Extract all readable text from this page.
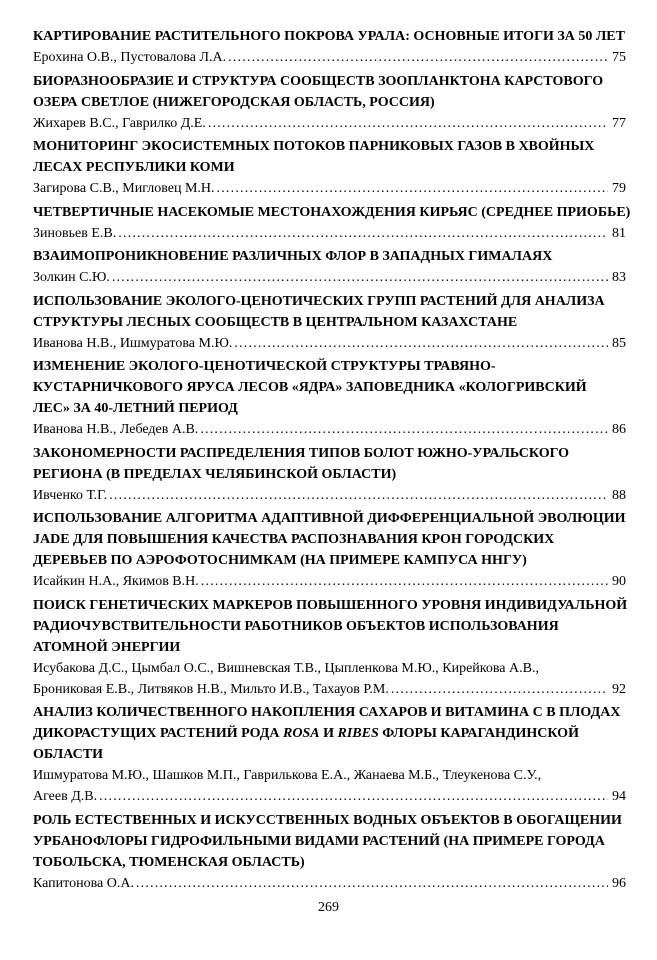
КАРТИРОВАНИЕ РАСТИТЕЛЬНОГО ПОКРОВА УРАЛА: ОСНОВНЫЕ ИТОГИ ЗА 50 ЛЕТ
Ерохина О.В., Пустовалова Л.А. .....	75
БИОРАЗНООБРАЗИЕ И СТРУКТУРА СООБЩЕСТВ ЗООПЛАНКТОНА КАРСТОВОГО
ОЗЕРА СВЕТЛОЕ (НИЖЕГОРОДСКАЯ ОБЛАСТЬ, РОССИЯ)
Жихарев В.С., Гаврилко Д.Е. .....	77
МОНИТОРИНГ ЭКОСИСТЕМНЫХ ПОТОКОВ ПАРНИКОВЫХ ГАЗОВ В ХВОЙНЫХ
ЛЕСАХ РЕСПУБЛИКИ КОМИ
Загирова С.В., Мигловец М.Н. .....	79
ЧЕТВЕРТИЧНЫЕ НАСЕКОМЫЕ МЕСТОНАХОЖДЕНИЯ КИРЬЯС (СРЕДНЕЕ ПРИОБЬЕ)
Зиновьев Е.В. .....	81
ВЗАИМОПРОНИКНОВЕНИЕ РАЗЛИЧНЫХ ФЛОР В ЗАПАДНЫХ ГИМАЛАЯХ
Золкин С.Ю. .....	83
ИСПОЛЬЗОВАНИЕ ЭКОЛОГО-ЦЕНОТИЧЕСКИХ ГРУПП РАСТЕНИЙ ДЛЯ АНАЛИЗА
СТРУКТУРЫ ЛЕСНЫХ СООБЩЕСТВ В ЦЕНТРАЛЬНОМ КАЗАХСТАНЕ
Иванова Н.В., Ишмуратова М.Ю. .....	85
ИЗМЕНЕНИЕ ЭКОЛОГО-ЦЕНОТИЧЕСКОЙ СТРУКТУРЫ ТРАВЯНО-
КУСТАРНИЧКОВОГО ЯРУСА ЛЕСОВ «ЯДРА» ЗАПОВЕДНИКА «КОЛОГРИВСКИЙ
ЛЕС» ЗА 40-ЛЕТНИЙ ПЕРИОД
Иванова Н.В., Лебедев А.В. .....	86
ЗАКОНОМЕРНОСТИ РАСПРЕДЕЛЕНИЯ ТИПОВ БОЛОТ ЮЖНО-УРАЛЬСКОГО
РЕГИОНА (В ПРЕДЕЛАХ ЧЕЛЯБИНСКОЙ ОБЛАСТИ)
Ивченко Т.Г. .....	88
ИСПОЛЬЗОВАНИЕ АЛГОРИТМА АДАПТИВНОЙ ДИФФЕРЕНЦИАЛЬНОЙ ЭВОЛЮЦИИ
JADE ДЛЯ ПОВЫШЕНИЯ КАЧЕСТВА РАСПОЗНАВАНИЯ КРОН ГОРОДСКИХ
ДЕРЕВЬЕВ ПО АЭРОФОТОСНИМКАМ (НА ПРИМЕРЕ КАМПУСА ННГУ)
Исайкин Н.А., Якимов В.Н. .....	90
ПОИСК ГЕНЕТИЧЕСКИХ МАРКЕРОВ ПОВЫШЕННОГО УРОВНЯ ИНДИВИДУАЛЬНОЙ
РАДИОЧУВСТВИТЕЛЬНОСТИ РАБОТНИКОВ ОБЪЕКТОВ ИСПОЛЬЗОВАНИЯ
АТОМНОЙ ЭНЕРГИИ
Исубакова Д.С., Цымбал О.С., Вишневская Т.В., Цыпленкова М.Ю., Кирейкова А.В.,
Брониковая Е.В., Литвяков Н.В., Мильто И.В., Тахауов Р.М. .....	92
АНАЛИЗ КОЛИЧЕСТВЕННОГО НАКОПЛЕНИЯ САХАРОВ И ВИТАМИНА С В ПЛОДАХ
ДИКОРАСТУЩИХ РАСТЕНИЙ РОДА ROSA И RIBES ФЛОРЫ КАРАГАНДИНСКОЙ
ОБЛАСТИ
Ишмуратова М.Ю., Шашков М.П., Гаврилькова Е.А., Жанаева М.Б., Тлеукенова С.У.,
Агеев Д.В. .....	94
РОЛЬ ЕСТЕСТВЕННЫХ И ИСКУССТВЕННЫХ ВОДНЫХ ОБЪЕКТОВ В ОБОГАЩЕНИИ
УРБАНОФЛОРЫ ГИДРОФИЛЬНЫМИ ВИДАМИ РАСТЕНИЙ (НА ПРИМЕРЕ ГОРОДА
ТОБОЛЬСКА, ТЮМЕНСКАЯ ОБЛАСТЬ)
Капитонова О.А. .....	96
269
